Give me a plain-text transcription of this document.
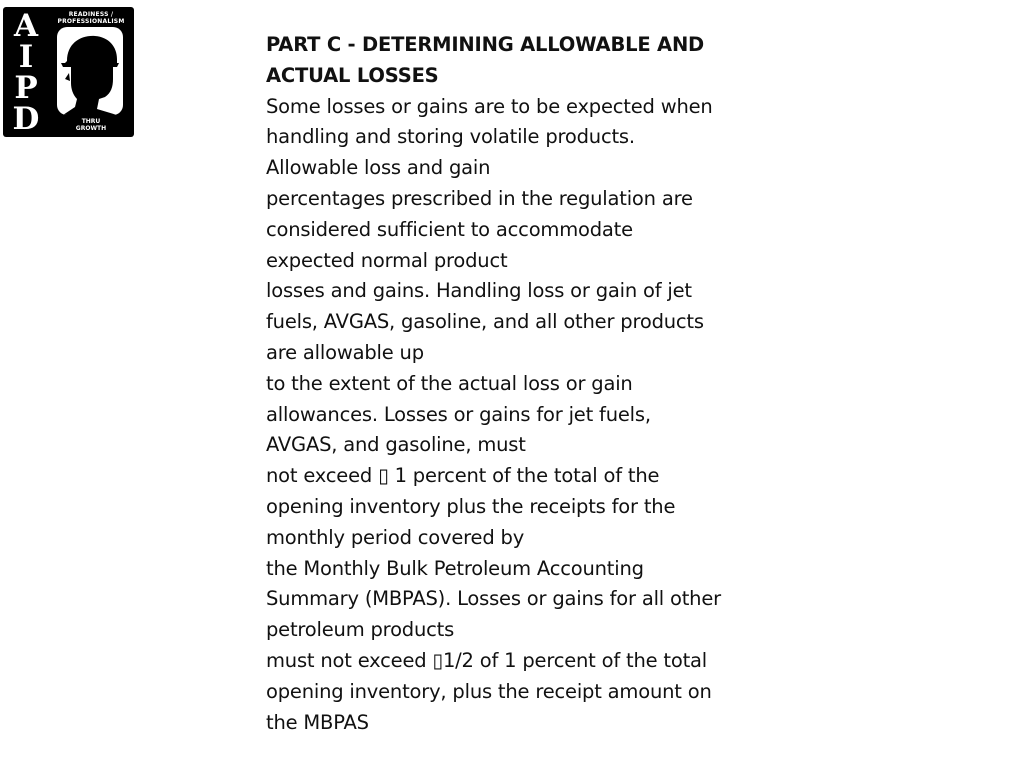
A
I
P
D
READINESS /
PROFESSIONALISM
THRU
GROWTH
PART C - DETERMINING ALLOWABLE AND
ACTUAL LOSSES
Some losses or gains are to be expected when
handling and storing volatile products.
Allowable loss and gain
percentages prescribed in the regulation are
considered sufficient to accommodate
expected normal product
losses and gains. Handling loss or gain of jet
fuels, AVGAS, gasoline, and all other products
are allowable up
to the extent of the actual loss or gain
allowances. Losses or gains for jet fuels,
AVGAS, and gasoline, must
not exceed ▯ 1 percent of the total of the
opening inventory plus the receipts for the
monthly period covered by
the Monthly Bulk Petroleum Accounting
Summary (MBPAS). Losses or gains for all other
petroleum products
must not exceed ▯1/2 of 1 percent of the total
opening inventory, plus the receipt amount on
the MBPAS
